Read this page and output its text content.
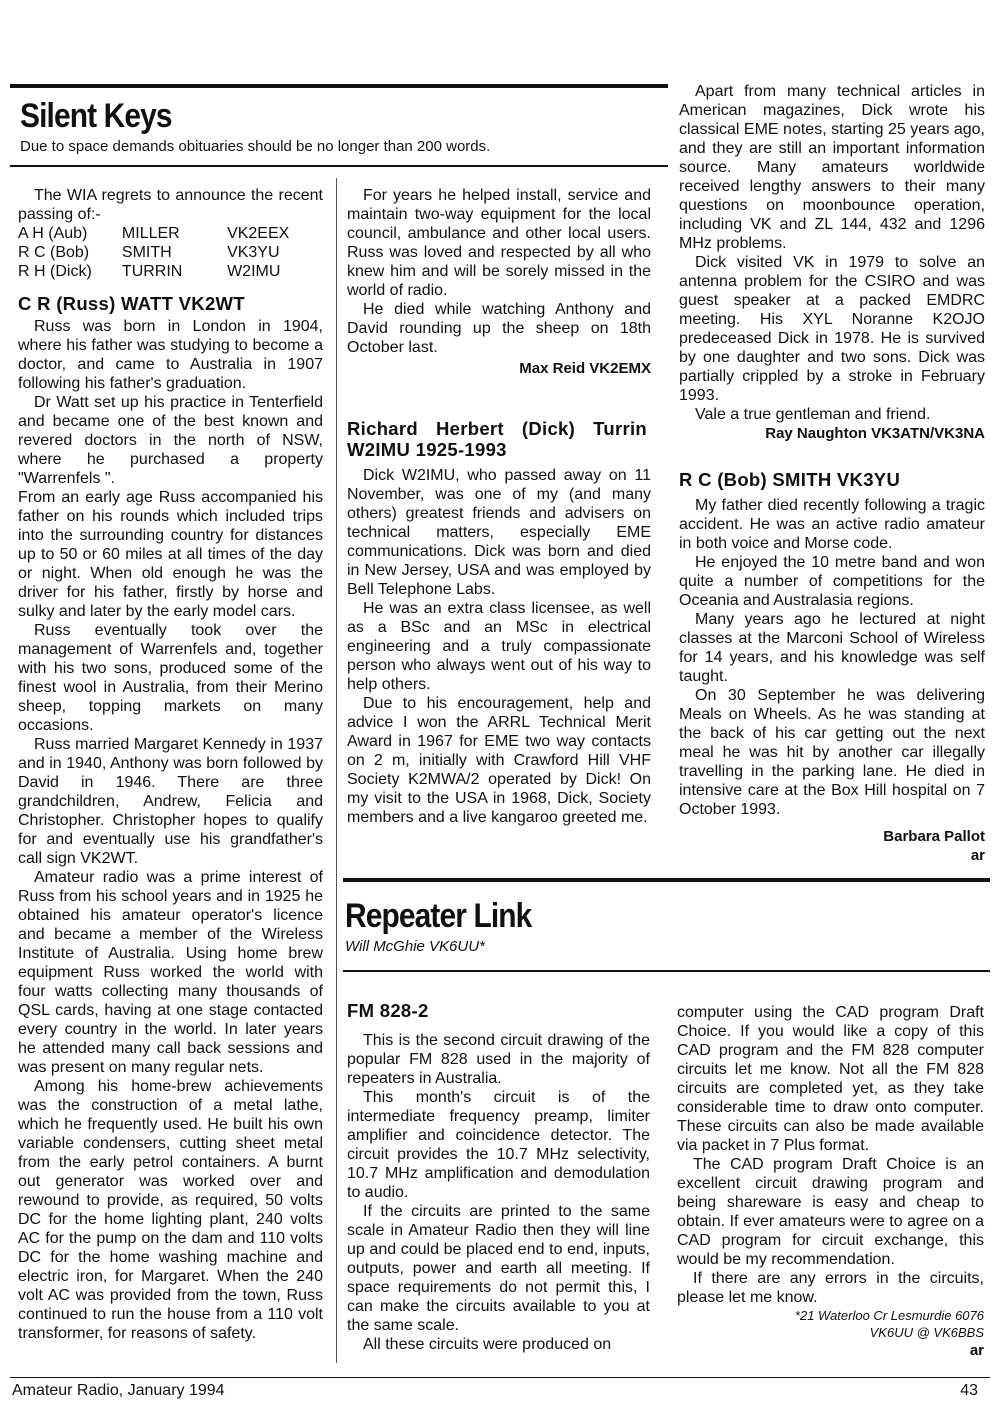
Silent Keys
Due to space demands obituaries should be no longer than 200 words.

The WIA regrets to announce the recent passing of:-

A H (Aub)	MILLER	VK2EEX
R C (Bob)	SMITH	VK3YU
R H (Dick)	TURRIN	W2IMU

C R (Russ) WATT VK2WT

Russ was born in London in 1904, where his father was studying to become a doctor, and came to Australia in 1907 following his father's graduation.

Dr Watt set up his practice in Tenterfield and became one of the best known and revered doctors in the north of NSW, where he purchased a property "Warrenfels ".

From an early age Russ accompanied his father on his rounds which included trips into the surrounding country for distances up to 50 or 60 miles at all times of the day or night. When old enough he was the driver for his father, firstly by horse and sulky and later by the early model cars.

Russ eventually took over the management of Warrenfels and, together with his two sons, produced some of the finest wool in Australia, from their Merino sheep, topping markets on many occasions.

Russ married Margaret Kennedy in 1937 and in 1940, Anthony was born followed by David in 1946. There are three grandchildren, Andrew, Felicia and Christopher. Christopher hopes to qualify for and eventually use his grandfather's call sign VK2WT.

Amateur radio was a prime interest of Russ from his school years and in 1925 he obtained his amateur operator's licence and became a member of the Wireless Institute of Australia. Using home brew equipment Russ worked the world with four watts collecting many thousands of QSL cards, having at one stage contacted every country in the world. In later years he attended many call back sessions and was present on many regular nets.

Among his home-brew achievements was the construction of a metal lathe, which he frequently used. He built his own variable condensers, cutting sheet metal from the early petrol containers. A burnt out generator was worked over and rewound to provide, as required, 50 volts DC for the home lighting plant, 240 volts AC for the pump on the dam and 110 volts DC for the home washing machine and electric iron, for Margaret. When the 240 volt AC was provided from the town, Russ continued to run the house from a 110 volt transformer, for reasons of safety.

For years he helped install, service and maintain two-way equipment for the local council, ambulance and other local users. Russ was loved and respected by all who knew him and will be sorely missed in the world of radio.

He died while watching Anthony and David rounding up the sheep on 18th October last.

Max Reid VK2EMX

Richard Herbert (Dick) Turrin W2IMU 1925-1993

Dick W2IMU, who passed away on 11 November, was one of my (and many others) greatest friends and advisers on technical matters, especially EME communications. Dick was born and died in New Jersey, USA and was employed by Bell Telephone Labs.

He was an extra class licensee, as well as a BSc and an MSc in electrical engineering and a truly compassionate person who always went out of his way to help others.

Due to his encouragement, help and advice I won the ARRL Technical Merit Award in 1967 for EME two way contacts on 2 m, initially with Crawford Hill VHF Society K2MWA/2 operated by Dick! On my visit to the USA in 1968, Dick, Society members and a live kangaroo greeted me.

Apart from many technical articles in American magazines, Dick wrote his classical EME notes, starting 25 years ago, and they are still an important information source. Many amateurs worldwide received lengthy answers to their many questions on moonbounce operation, including VK and ZL 144, 432 and 1296 MHz problems.

Dick visited VK in 1979 to solve an antenna problem for the CSIRO and was guest speaker at a packed EMDRC meeting. His XYL Noranne K2OJO predeceased Dick in 1978. He is survived by one daughter and two sons. Dick was partially crippled by a stroke in February 1993.

Vale a true gentleman and friend.

Ray Naughton VK3ATN/VK3NA

R C (Bob) SMITH VK3YU

My father died recently following a tragic accident. He was an active radio amateur in both voice and Morse code.

He enjoyed the 10 metre band and won quite a number of competitions for the Oceania and Australasia regions.

Many years ago he lectured at night classes at the Marconi School of Wireless for 14 years, and his knowledge was self taught.

On 30 September he was delivering Meals on Wheels. As he was standing at the back of his car getting out the next meal he was hit by another car illegally travelling in the parking lane. He died in intensive care at the Box Hill hospital on 7 October 1993.

Barbara Pallot

ar

Repeater Link
Will McGhie VK6UU*

FM 828-2

This is the second circuit drawing of the popular FM 828 used in the majority of repeaters in Australia.

This month's circuit is of the intermediate frequency preamp, limiter amplifier and coincidence detector. The circuit provides the 10.7 MHz selectivity, 10.7 MHz amplification and demodulation to audio.

If the circuits are printed to the same scale in Amateur Radio then they will line up and could be placed end to end, inputs, outputs, power and earth all meeting. If space requirements do not permit this, I can make the circuits available to you at the same scale.

All these circuits were produced on

computer using the CAD program Draft Choice. If you would like a copy of this CAD program and the FM 828 computer circuits let me know. Not all the FM 828 circuits are completed yet, as they take considerable time to draw onto computer. These circuits can also be made available via packet in 7 Plus format.

The CAD program Draft Choice is an excellent circuit drawing program and being shareware is easy and cheap to obtain. If ever amateurs were to agree on a CAD program for circuit exchange, this would be my recommendation.

If there are any errors in the circuits, please let me know.

*21 Waterloo Cr Lesmurdie 6076

VK6UU @ VK6BBS

ar

Amateur Radio, January 1994	43
